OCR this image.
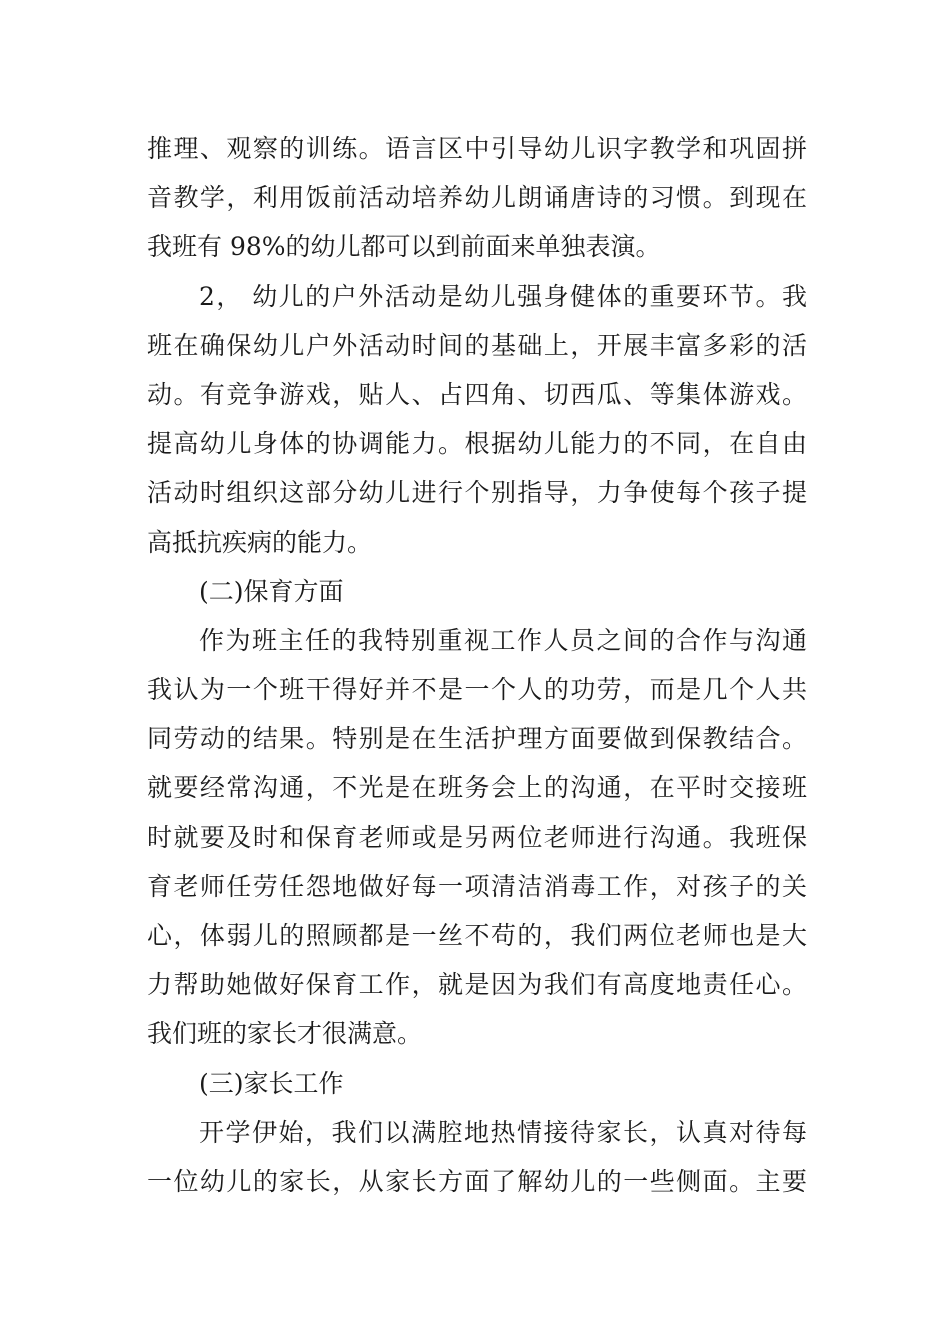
推理、观察的训练。语言区中引导幼儿识字教学和巩固拼
音教学，利用饭前活动培养幼儿朗诵唐诗的习惯。到现在
我班有 98%的幼儿都可以到前面来单独表演。
2， 幼儿的户外活动是幼儿强身健体的重要环节。我
班在确保幼儿户外活动时间的基础上，开展丰富多彩的活
动。有竞争游戏，贴人、占四角、切西瓜、等集体游戏。
提高幼儿身体的协调能力。根据幼儿能力的不同，在自由
活动时组织这部分幼儿进行个别指导，力争使每个孩子提
高抵抗疾病的能力。
(二)保育方面
作为班主任的我特别重视工作人员之间的合作与沟通
我认为一个班干得好并不是一个人的功劳，而是几个人共
同劳动的结果。特别是在生活护理方面要做到保教结合。
就要经常沟通，不光是在班务会上的沟通，在平时交接班
时就要及时和保育老师或是另两位老师进行沟通。我班保
育老师任劳任怨地做好每一项清洁消毒工作，对孩子的关
心，体弱儿的照顾都是一丝不苟的，我们两位老师也是大
力帮助她做好保育工作，就是因为我们有高度地责任心。
我们班的家长才很满意。
(三)家长工作
开学伊始，我们以满腔地热情接待家长，认真对待每
一位幼儿的家长，从家长方面了解幼儿的一些侧面。主要
